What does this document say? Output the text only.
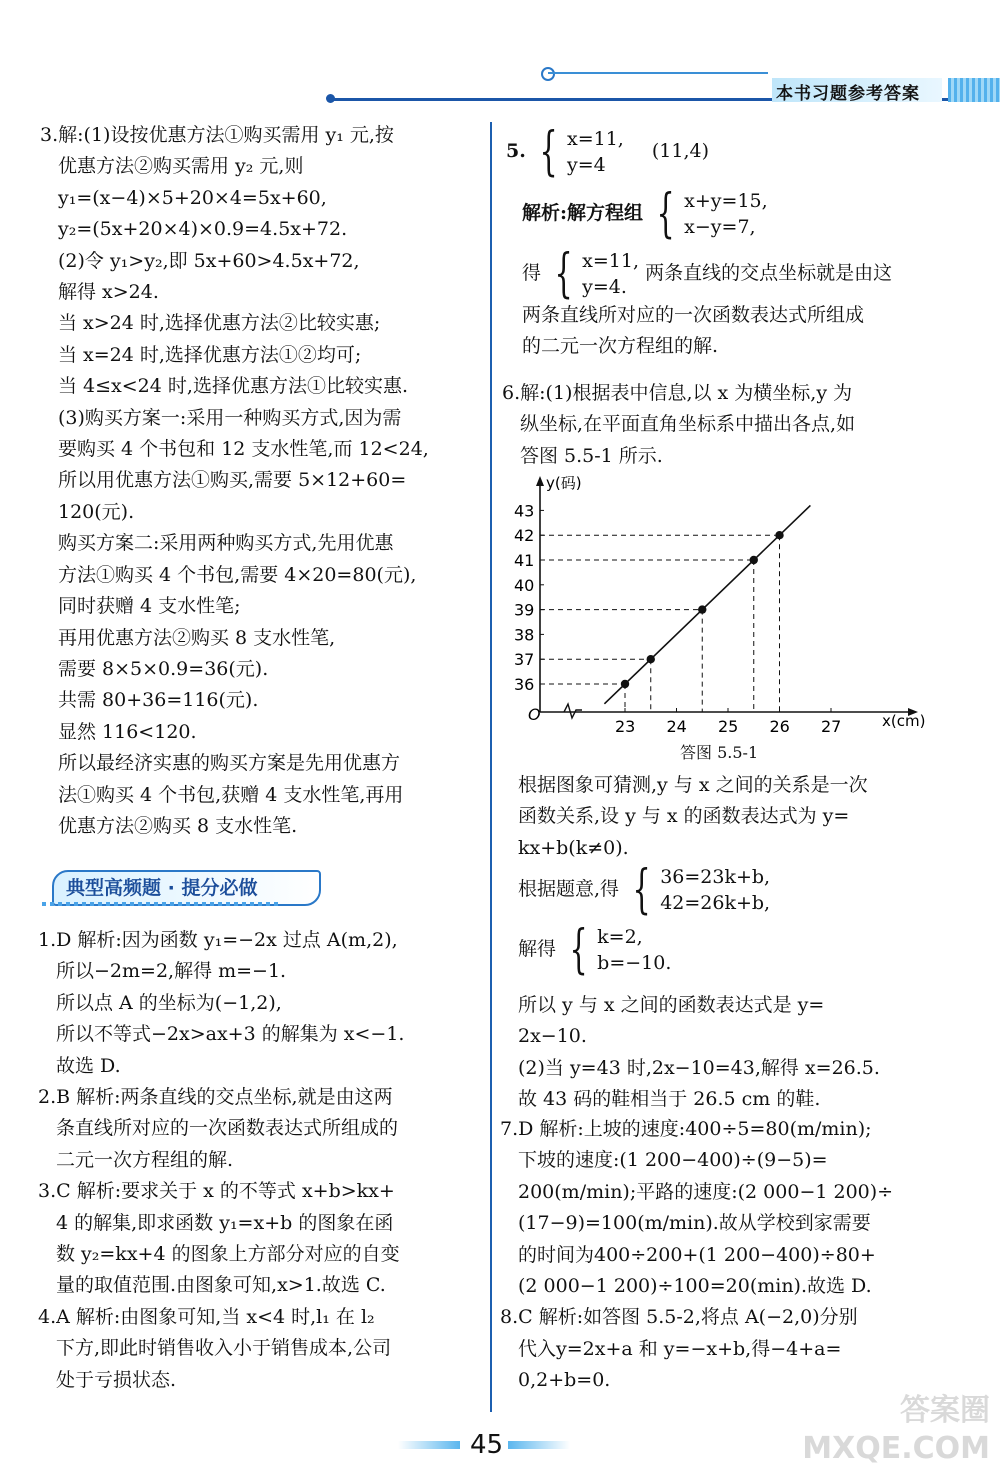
本书习题参考答案

3.解:(1)设按优惠方法①购买需用 y₁ 元,按

优惠方法②购买需用 y₂ 元,则

y₁=(x−4)×5+20×4=5x+60,

y₂=(5x+20×4)×0.9=4.5x+72.

(2)令 y₁>y₂,即 5x+60>4.5x+72,

解得 x>24.

当 x>24 时,选择优惠方法②比较实惠;

当 x=24 时,选择优惠方法①②均可;

当 4≤x<24 时,选择优惠方法①比较实惠.

(3)购买方案一:采用一种购买方式,因为需

要购买 4 个书包和 12 支水性笔,而 12<24,

所以用优惠方法①购买,需要 5×12+60=

120(元).

购买方案二:采用两种购买方式,先用优惠

方法①购买 4 个书包,需要 4×20=80(元),

同时获赠 4 支水性笔;

再用优惠方法②购买 8 支水性笔,

需要 8×5×0.9=36(元).

共需 80+36=116(元).

显然 116<120.

所以最经济实惠的购买方案是先用优惠方

法①购买 4 个书包,获赠 4 支水性笔,再用

优惠方法②购买 8 支水性笔.

典型高频题 · 提分必做

1.D 解析:因为函数 y₁=−2x 过点 A(m,2),

所以−2m=2,解得 m=−1.

所以点 A 的坐标为(−1,2),

所以不等式−2x>ax+3 的解集为 x<−1.

故选 D.

2.B 解析:两条直线的交点坐标,就是由这两

条直线所对应的一次函数表达式所组成的

二元一次方程组的解.

3.C 解析:要求关于 x 的不等式 x+b>kx+

4 的解集,即求函数 y₁=x+b 的图象在函

数 y₂=kx+4 的图象上方部分对应的自变

量的取值范围.由图象可知,x>1.故选 C.

4.A 解析:由图象可知,当 x<4 时,l₁ 在 l₂

下方,即此时销售收入小于销售成本,公司

处于亏损状态.

5. { x=11,
y=4
(11,4)

解析:解方程组 { x+y=15,
x−y=7,

得 { x=11,
y=4.
两条直线的交点坐标就是由这

两条直线所对应的一次函数表达式所组成

的二元一次方程组的解.

6.解:(1)根据表中信息,以 x 为横坐标,y 为

纵坐标,在平面直角坐标系中描出各点,如

答图 5.5-1 所示.

O
y(码)
x(cm)
36
37
38
39
40
41
42
43
23 24 25 26 27
答图 5.5-1

根据图象可猜测,y 与 x 之间的关系是一次

函数关系,设 y 与 x 的函数表达式为 y=

kx+b(k≠0).

根据题意,得 { 36=23k+b,
42=26k+b,

解得 { k=2,
b=−10.

所以 y 与 x 之间的函数表达式是 y=

2x−10.

(2)当 y=43 时,2x−10=43,解得 x=26.5.

故 43 码的鞋相当于 26.5 cm 的鞋.

7.D 解析:上坡的速度:400÷5=80(m/min);

下坡的速度:(1 200−400)÷(9−5)=

200(m/min);平路的速度:(2 000−1 200)÷

(17−9)=100(m/min).故从学校到家需要

的时间为400÷200+(1 200−400)÷80+

(2 000−1 200)÷100=20(min).故选 D.

8.C 解析:如答图 5.5-2,将点 A(−2,0)分别

代入y=2x+a 和 y=−x+b,得−4+a=

0,2+b=0.

45
答案圈
MXQE.COM
